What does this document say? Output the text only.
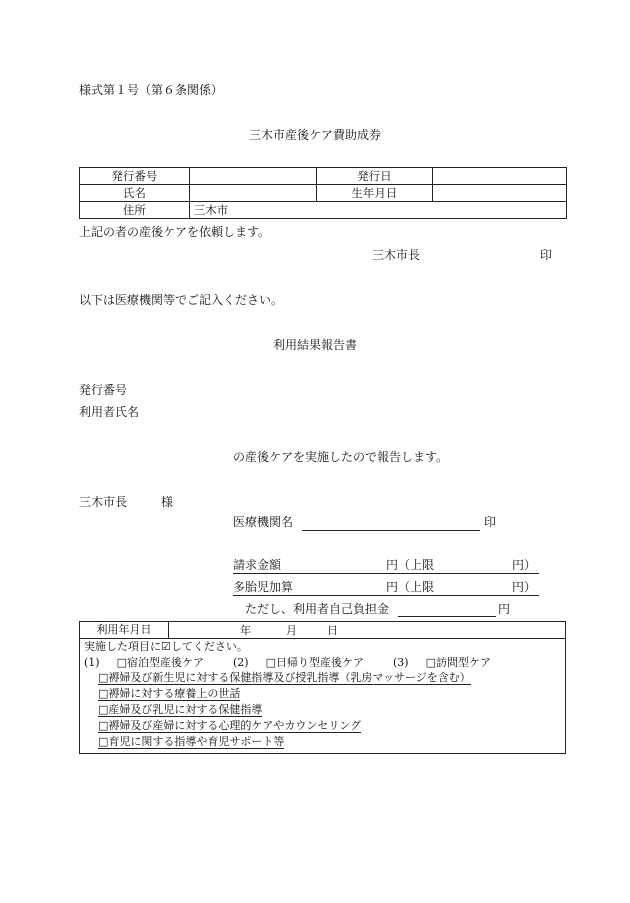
様式第１号（第６条関係）
三木市産後ケア費助成券
発行番号		発行日	
氏名		生年月日	
住所	三木市		
上記の者の産後ケアを依頼します。
三木市長	印
以下は医療機関等でご記入ください。
利用結果報告書
発行番号
利用者氏名
の産後ケアを実施したので報告します。
三木市長	様
医療機関名	印
請求金額	円 （上限	円）
多胎児加算	円 （上限	円）
ただし、利用者自己負担金	円
利用年月日	年	月	日
実施した項目に☑してください。
(1) □宿泊型産後ケア	(2) □日帰り型産後ケア	(3) □訪問型ケア
□褥婦及び新生児に対する保健指導及び授乳指導（乳房マッサージを含む）
□褥婦に対する療養上の世話
□産婦及び乳児に対する保健指導
□褥婦及び産婦に対する心理的ケアやカウンセリング
□育児に関する指導や育児サポート等
